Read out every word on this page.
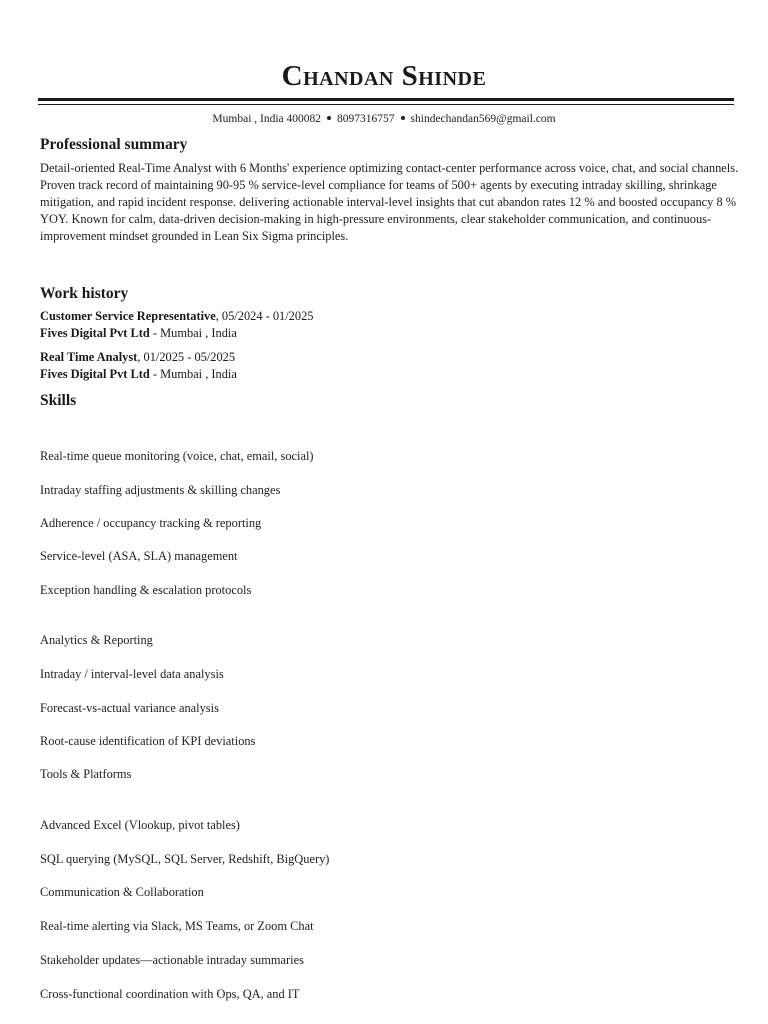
Chandan Shinde
Mumbai , India 400082 8097316757 shindechandan569@gmail.com
Professional summary
Detail-oriented Real-Time Analyst with 6 Months' experience optimizing contact-center performance across voice, chat, and social channels. Proven track record of maintaining 90-95 % service-level compliance for teams of 500+ agents by executing intraday skilling, shrinkage mitigation, and rapid incident response. delivering actionable interval-level insights that cut abandon rates 12 % and boosted occupancy 8 % YOY. Known for calm, data-driven decision-making in high-pressure environments, clear stakeholder communication, and continuous-improvement mindset grounded in Lean Six Sigma principles.
Work history
Customer Service Representative, 05/2024 - 01/2025
Fives Digital Pvt Ltd - Mumbai , India
Real Time Analyst, 01/2025 - 05/2025
Fives Digital Pvt Ltd - Mumbai , India
Skills
Real-time queue monitoring (voice, chat, email, social)
Intraday staffing adjustments & skilling changes
Adherence / occupancy tracking & reporting
Service-level (ASA, SLA) management
Exception handling & escalation protocols
Analytics & Reporting
Intraday / interval-level data analysis
Forecast-vs-actual variance analysis
Root-cause identification of KPI deviations
Tools & Platforms
Advanced Excel (Vlookup, pivot tables)
SQL querying (MySQL, SQL Server, Redshift, BigQuery)
Communication & Collaboration
Real-time alerting via Slack, MS Teams, or Zoom Chat
Stakeholder updates—actionable intraday summaries
Cross-functional coordination with Ops, QA, and IT
